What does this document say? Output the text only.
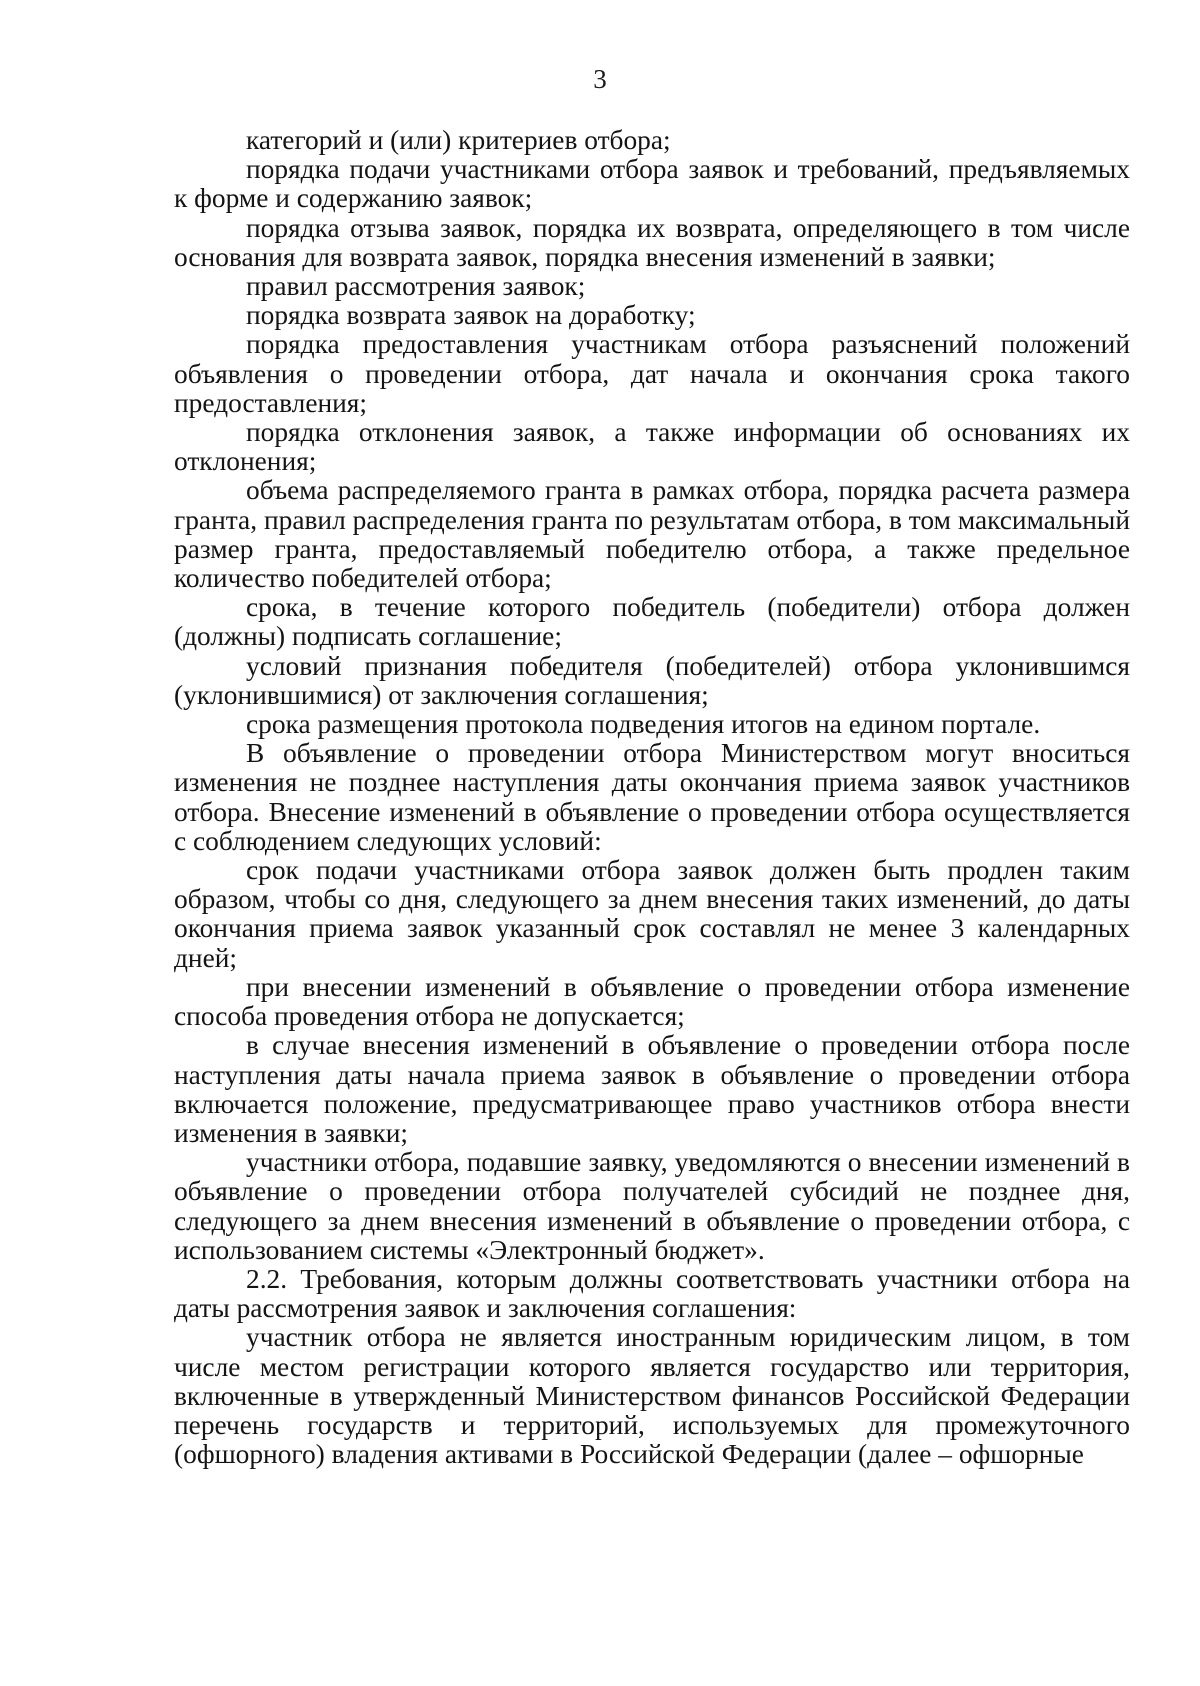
3

категорий и (или) критериев отбора;

порядка подачи участниками отбора заявок и требований, предъявляемых к форме и содержанию заявок;

порядка отзыва заявок, порядка их возврата, определяющего в том числе основания для возврата заявок, порядка внесения изменений в заявки;

правил рассмотрения заявок;

порядка возврата заявок на доработку;

порядка предоставления участникам отбора разъяснений положений объявления о проведении отбора, дат начала и окончания срока такого предоставления;

порядка отклонения заявок, а также информации об основаниях их отклонения;

объема распределяемого гранта в рамках отбора, порядка расчета размера гранта, правил распределения гранта по результатам отбора, в том максимальный размер гранта, предоставляемый победителю отбора, а также предельное количество победителей отбора;

срока, в течение которого победитель (победители) отбора должен (должны) подписать соглашение;

условий признания победителя (победителей) отбора уклонившимся (уклонившимися) от заключения соглашения;

срока размещения протокола подведения итогов на едином портале.

В объявление о проведении отбора Министерством могут вноситься изменения не позднее наступления даты окончания приема заявок участников отбора. Внесение изменений в объявление о проведении отбора осуществляется с соблюдением следующих условий:

срок подачи участниками отбора заявок должен быть продлен таким образом, чтобы со дня, следующего за днем внесения таких изменений, до даты окончания приема заявок указанный срок составлял не менее 3 календарных дней;

при внесении изменений в объявление о проведении отбора изменение способа проведения отбора не допускается;

в случае внесения изменений в объявление о проведении отбора после наступления даты начала приема заявок в объявление о проведении отбора включается положение, предусматривающее право участников отбора внести изменения в заявки;

участники отбора, подавшие заявку, уведомляются о внесении изменений в объявление о проведении отбора получателей субсидий не позднее дня, следующего за днем внесения изменений в объявление о проведении отбора, с использованием системы «Электронный бюджет».

2.2. Требования, которым должны соответствовать участники отбора на даты рассмотрения заявок и заключения соглашения:

участник отбора не является иностранным юридическим лицом, в том числе местом регистрации которого является государство или территория, включенные в утвержденный Министерством финансов Российской Федерации перечень государств и территорий, используемых для промежуточного (офшорного) владения активами в Российской Федерации (далее – офшорные
